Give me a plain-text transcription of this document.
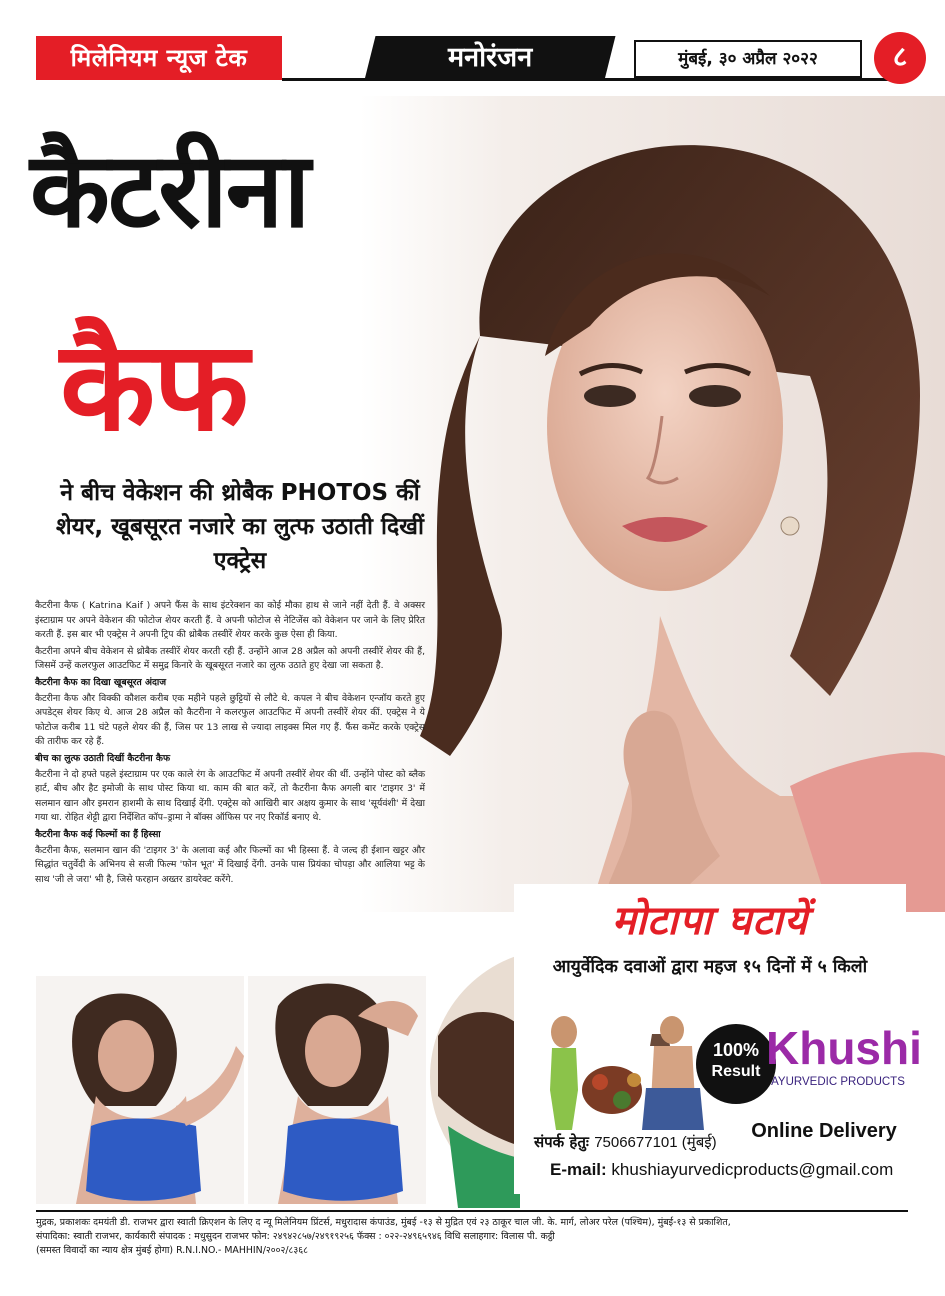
मिलेनियम न्यूज टेक	मनोरंजन	मुंबई, ३० अप्रैल २०२२	८
कैटरीना
कैफ
ने बीच वेकेशन की थ्रोबैक PHOTOS कीं शेयर, खूबसूरत नजारे का लुत्फ उठाती दिखीं एक्ट्रेस

कैटरीना कैफ ( Katrina Kaif ) अपने फैंस के साथ इंटरेक्शन का कोई मौका हाथ से जाने नहीं देती हैं. वे अक्सर इंस्टाग्राम पर अपने वेकेशन की फोटोज शेयर करती हैं. वे अपनी फोटोज से नेटिजेंस को वेकेशन पर जाने के लिए प्रेरित करती हैं. इस बार भी एक्ट्रेस ने अपनी ट्रिप की थ्रोबैक तस्वीरें शेयर करके कुछ ऐसा ही किया.

कैटरीना अपने बीच वेकेशन से थ्रोबैक तस्वीरें शेयर करती रही हैं. उन्होंने आज 28 अप्रैल को अपनी तस्वीरें शेयर की हैं, जिसमें उन्हें कलरफुल आउटफिट में समुद्र किनारे के खूबसूरत नजारे का लुत्फ उठाते हुए देखा जा सकता है.

कैटरीना कैफ का दिखा खूबसूरत अंदाज

कैटरीना कैफ और विक्की कौशल करीब एक महीने पहले छुट्टियों से लौटे थे. कपल ने बीच वेकेशन एन्जॉय करते हुए अपडेट्स शेयर किए थे. आज 28 अप्रैल को कैटरीना ने कलरफुल आउटफिट में अपनी तस्वीरें शेयर कीं. एक्ट्रेस ने ये फोटोज करीब 11 घंटे पहले शेयर की हैं, जिस पर 13 लाख से ज्यादा लाइक्स मिल गए हैं. फैंस कमेंट करके एक्ट्रेस की तारीफ कर रहे हैं.

बीच का लुत्फ उठाती दिखीं कैटरीना कैफ

कैटरीना ने दो हफ्ते पहले इंस्टाग्राम पर एक काले रंग के आउटफिट में अपनी तस्वीरें शेयर की थीं. उन्होंने पोस्ट को ब्लैक हार्ट, बीच और हैट इमोजी के साथ पोस्ट किया था. काम की बात करें, तो कैटरीना कैफ अगली बार 'टाइगर 3' में सलमान खान और इमरान हाशमी के साथ दिखाई देंगी. एक्ट्रेस को आखिरी बार अक्षय कुमार के साथ 'सूर्यवंशी' में देखा गया था. रोहित शेट्टी द्वारा निर्देशित कॉप–ड्रामा ने बॉक्स ऑफिस पर नए रिकॉर्ड बनाए थे.

कैटरीना कैफ कई फिल्मों का हैं हिस्सा

कैटरीना कैफ, सलमान खान की 'टाइगर 3' के अलावा कई और फिल्मों का भी हिस्सा हैं. वे जल्द ही ईशान खट्टर और सिद्धांत चतुर्वेदी के अभिनय से सजी फिल्म 'फोन भूत' में दिखाई देंगी. उनके पास प्रियंका चोपड़ा और आलिया भट्ट के साथ 'जी ले जरा' भी है, जिसे फरहान अख्तर डायरेक्ट करेंगे.

मोटापा घटायें
आयुर्वेदिक दवाओं द्वारा महज १५ दिनों में ५ किलो
100%
Result Khushi
AYURVEDIC PRODUCTS
Online Delivery
संपर्क हेतुः 7506677101 (मुंबई)
E-mail: khushiayurvedicproducts@gmail.com
मुद्रक, प्रकाशकः दमयंती डी. राजभर द्वारा स्वाती क्रिएशन के लिए द न्यू मिलेनियम प्रिंटर्स, मधुरादास कंपाउंड, मुंबई -१३ से मुद्रित एवं २३ ठाकूर चाल जी. के. मार्ग, लोअर परेल (पश्चिम), मुंबई-१३ से प्रकाशित,
संपादिका: स्वाती राजभर, कार्यकारी संपादक : मधुसुदन राजभर फोन: २४९४२८५७/२४९१९२५६ फॅक्स : ०२२-२४९६५९४६ विधि सलाहगार: विलास पी. कट्ठी
(समस्त विवादों का न्याय क्षेत्र मुंबई होगा) R.N.I.NO.- MAHHIN/२००२/८३६८
